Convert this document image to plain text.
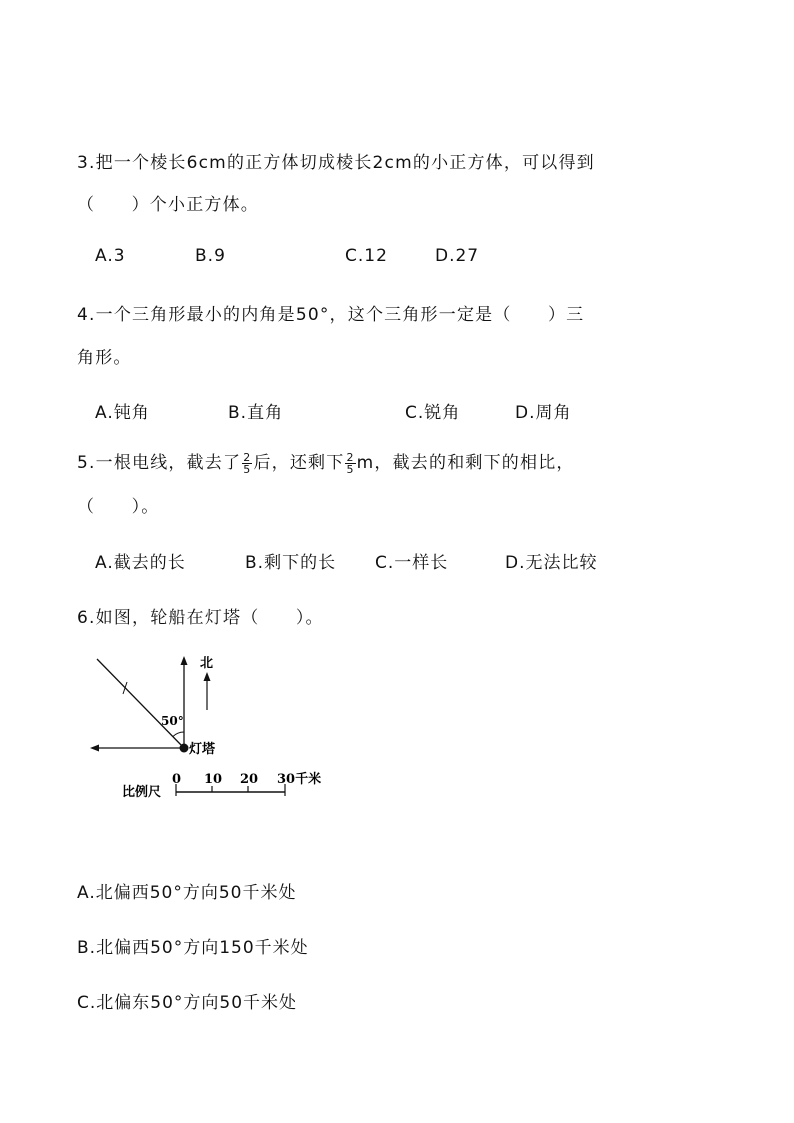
3.把一个棱长6cm的正方体切成棱长2cm的小正方体，可以得到
（　　）个小正方体。
A.3	B.9	C.12	D.27
4.一个三角形最小的内角是50°，这个三角形一定是（　　）三
角形。
A.钝角	B.直角	C.锐角	D.周角
5.一根电线，截去了 $\frac{2}{5}$ 后，还剩下 $\frac{2}{5}$ m，截去的和剩下的相比，
（　　）。
A.截去的长	B.剩下的长 C.一样长	D.无法比较
6.如图，轮船在灯塔（　　）。
北
50°
灯塔
比例尺
0 10 20 30千米
A.北偏西50°方向50千米处
B.北偏西50°方向150千米处
C.北偏东50°方向50千米处
